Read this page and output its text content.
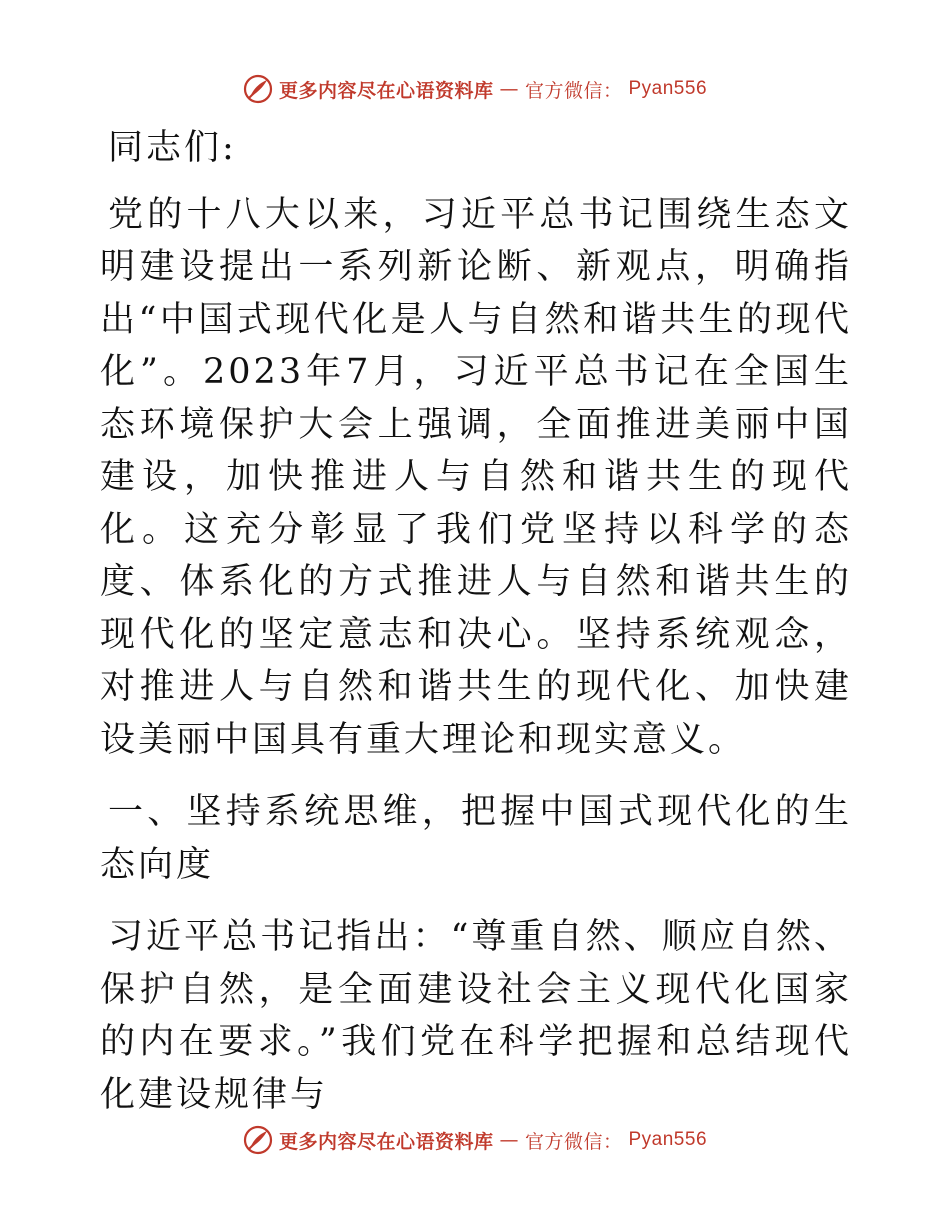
更多内容尽在心语资料库 — 官方微信： Pyan556

同志们:

党的十八大以来，习近平总书记围绕生态文明建设提出一系列新论断、新观点，明确指出“中国式现代化是人与自然和谐共生的现代化”。2023年7月，习近平总书记在全国生态环境保护大会上强调，全面推进美丽中国建设，加快推进人与自然和谐共生的现代化。这充分彰显了我们党坚持以科学的态度、体系化的方式推进人与自然和谐共生的现代化的坚定意志和决心。坚持系统观念，对推进人与自然和谐共生的现代化、加快建设美丽中国具有重大理论和现实意义。

一、坚持系统思维，把握中国式现代化的生态向度

习近平总书记指出：“尊重自然、顺应自然、保护自然，是全面建设社会主义现代化国家的内在要求。”我们党在科学把握和总结现代化建设规律与

更多内容尽在心语资料库 — 官方微信： Pyan556
